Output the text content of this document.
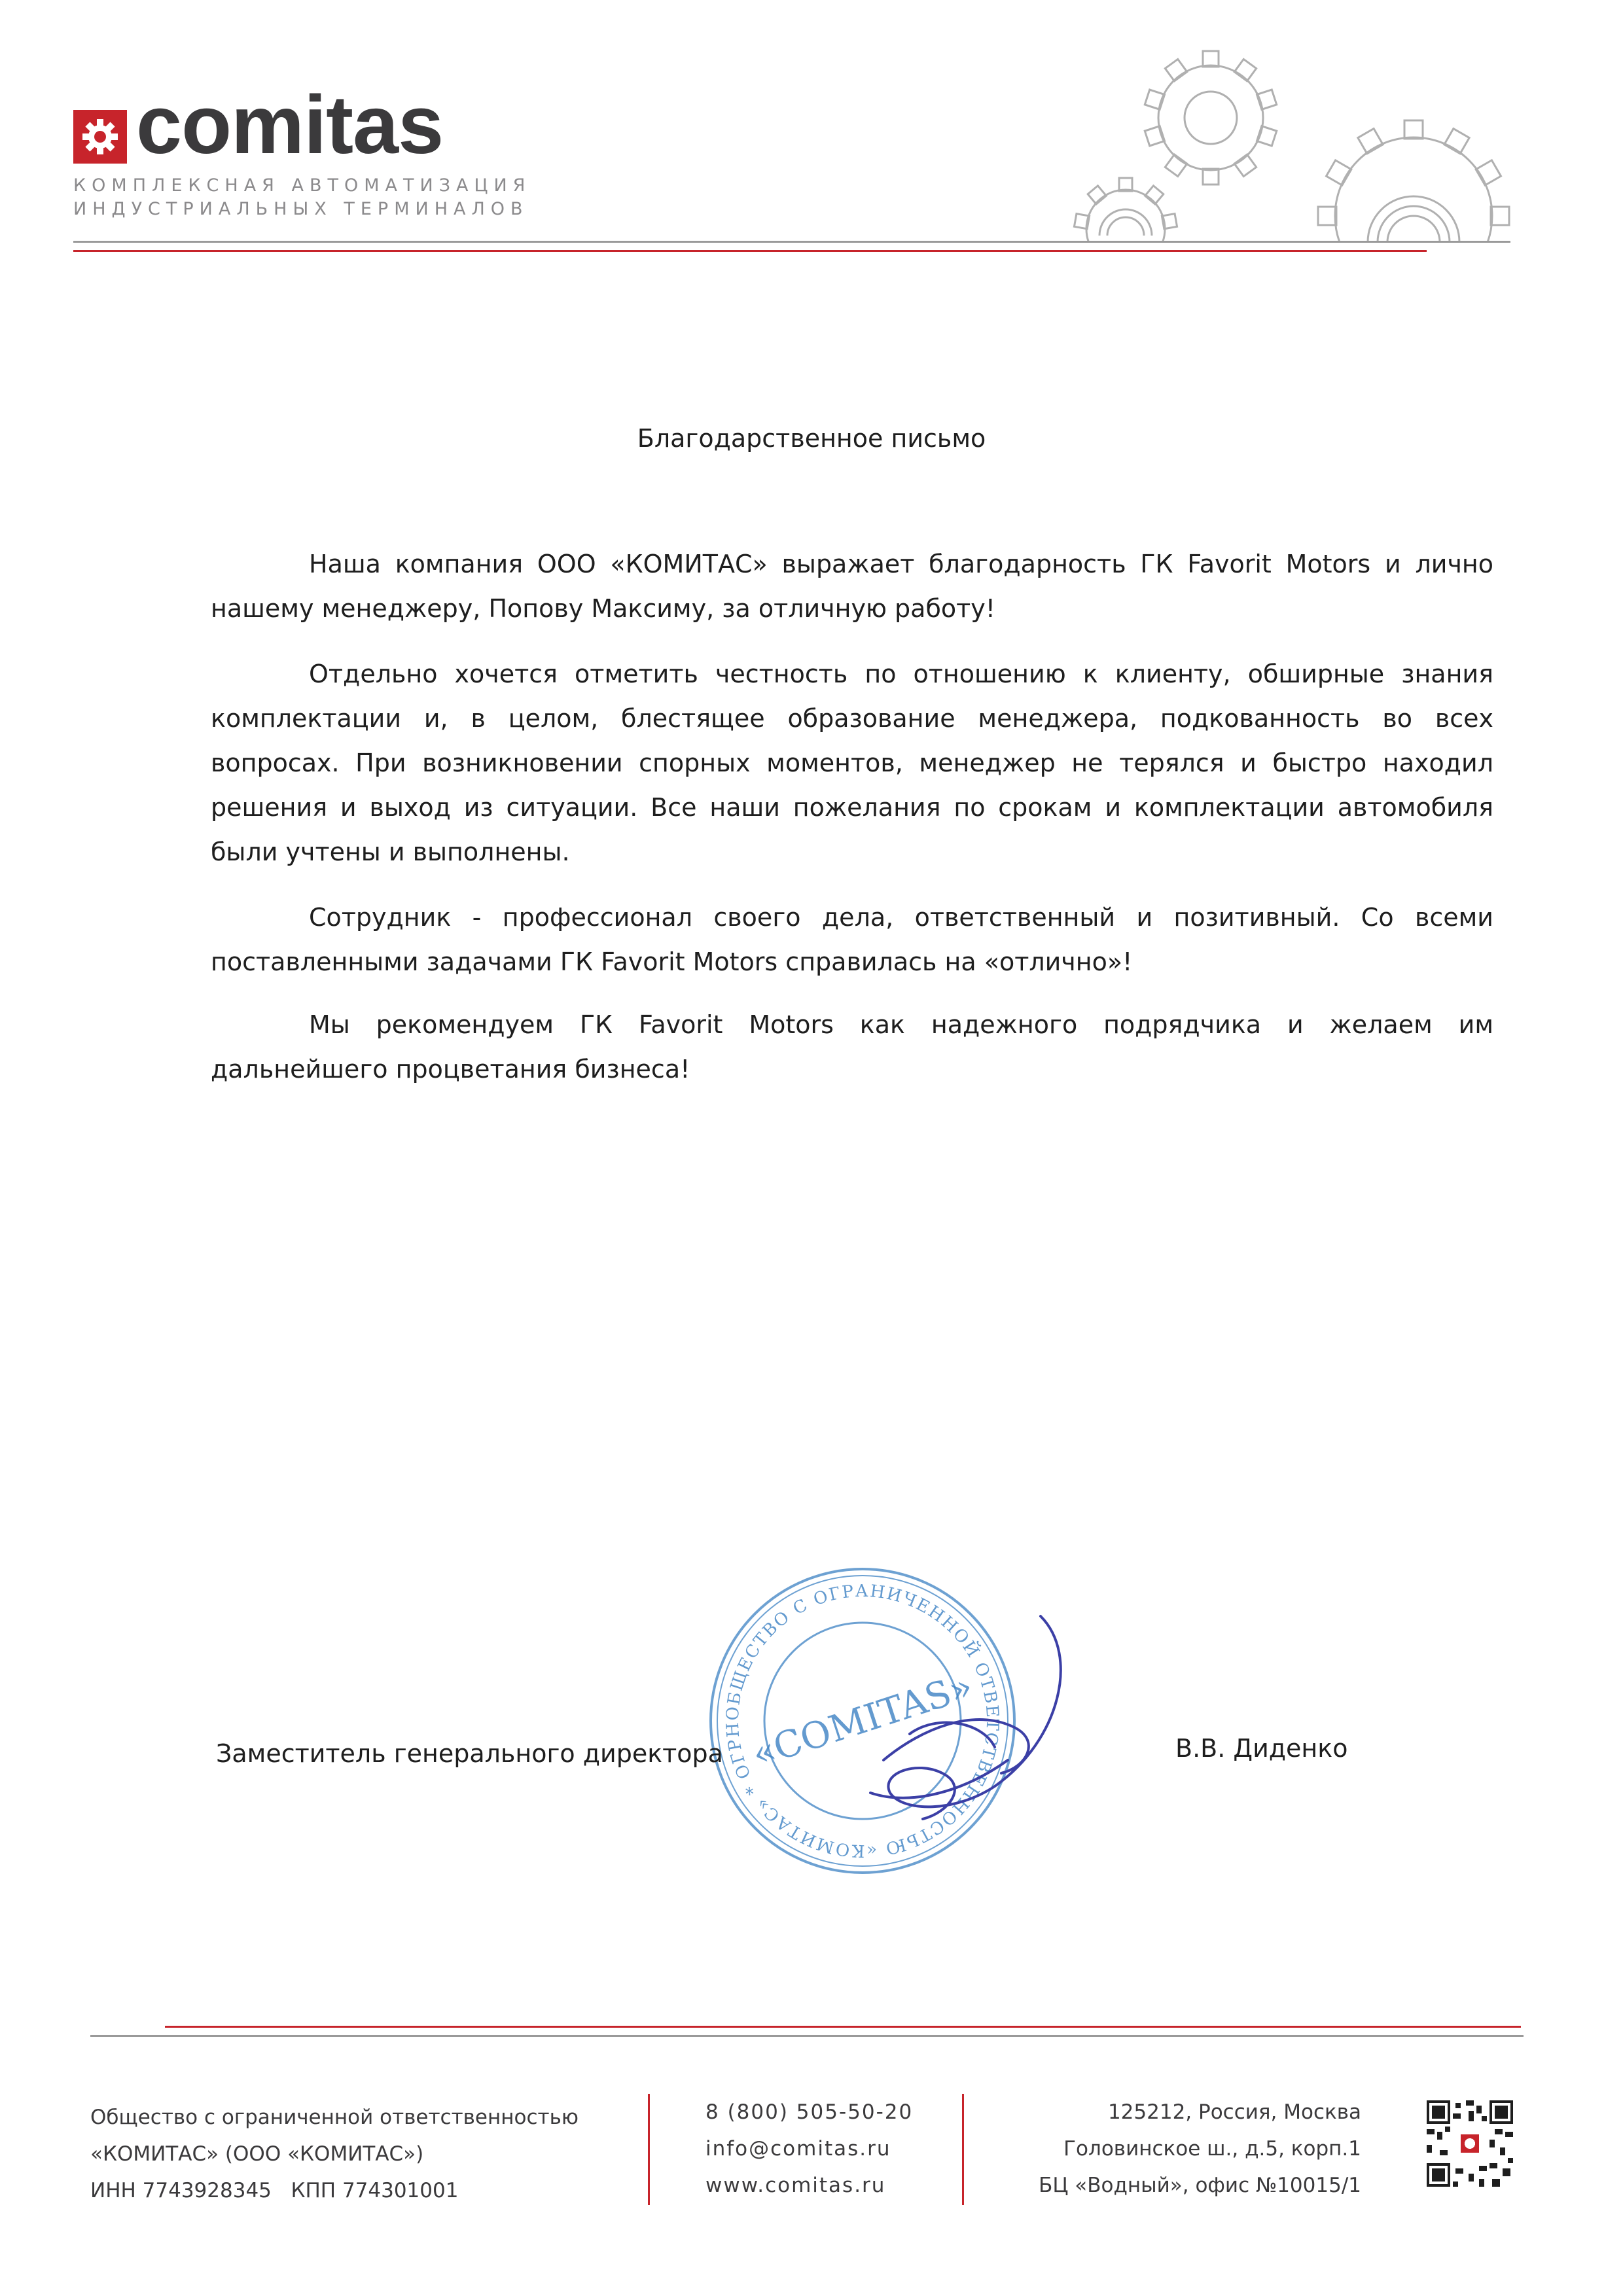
comitas
КОМПЛЕКСНАЯ АВТОМАТИЗАЦИЯ
ИНДУСТРИАЛЬНЫХ ТЕРМИНАЛОВ
Благодарственное письмо

Наша компания ООО «КОМИТАС» выражает благодарность ГК Favorit Motors и лично нашему менеджеру, Попову Максиму, за отличную работу!

Отдельно хочется отметить честность по отношению к клиенту, обширные знания комплектации и, в целом, блестящее образование менеджера, подкованность во всех вопросах. При возникновении спорных моментов, менеджер не терялся и быстро находил решения и выход из ситуации. Все наши пожелания по срокам и комплектации автомобиля были учтены и выполнены.

Сотрудник - профессионал своего дела, ответственный и позитивный. Со всеми поставленными задачами ГК Favorit Motors справилась на «отлично»!

Мы рекомендуем ГК Favorit Motors как надежного подрядчика и желаем им дальнейшего процветания бизнеса!

ОБЩЕСТВО С ОГРАНИЧЕННОЙ ОТВЕТСТВЕННОСТЬЮ «КОМИТАС» * ОГРН «COMITAS»
Заместитель генерального директора	В.В. Диденко
Общество с ограниченной ответственностью
«КОМИТАС» (ООО «КОМИТАС»)
ИНН 7743928345   КПП 774301001
8 (800) 505-50-20
info@comitas.ru
www.comitas.ru
125212, Россия, Москва
Головинское ш., д.5, корп.1
БЦ «Водный», офис №10015/1
